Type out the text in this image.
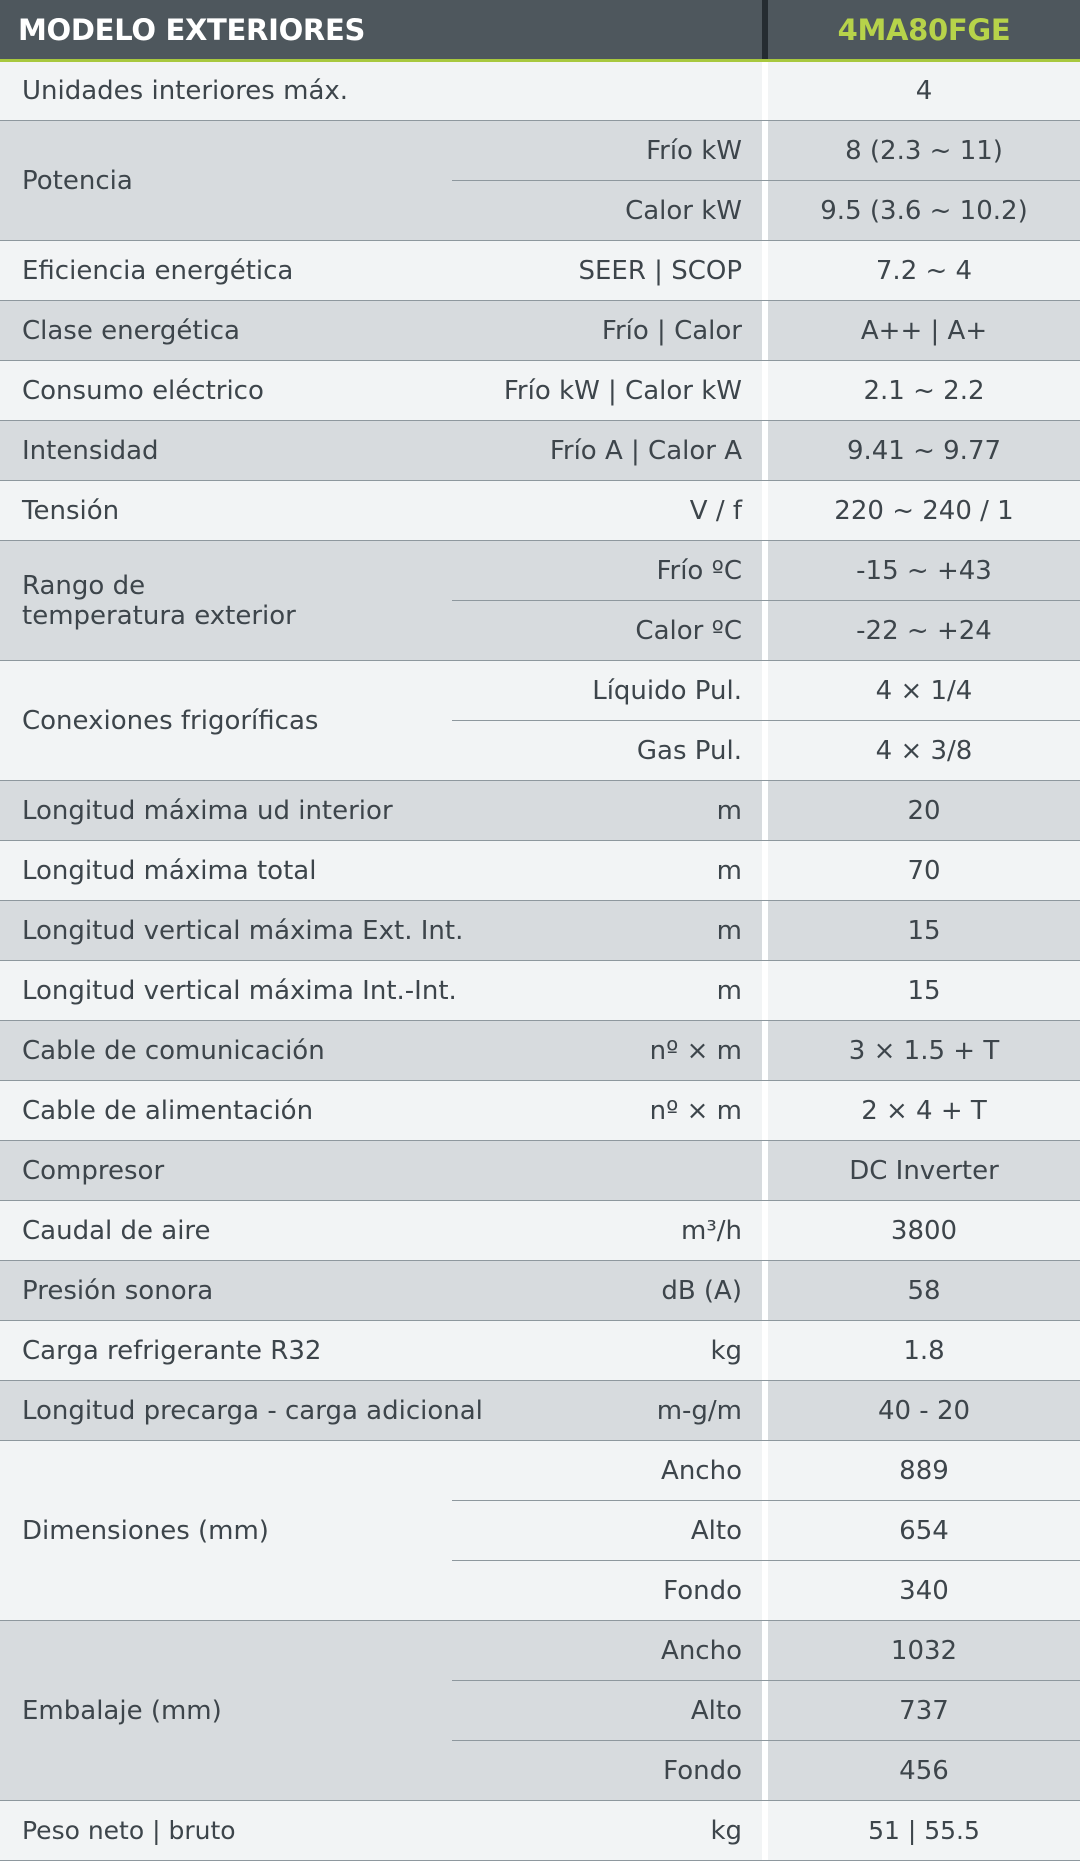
MODELO EXTERIORES			4MA80FGE
Unidades interiores máx.			4
Potencia	Frío kW		8 (2.3 ~ 11)
	Calor kW		9.5 (3.6 ~ 10.2)
Eficiencia energética	SEER | SCOP		7.2 ~ 4
Clase energética	Frío | Calor		A++ | A+
Consumo eléctrico	Frío kW | Calor kW		2.1 ~ 2.2
Intensidad	Frío A | Calor A		9.41 ~ 9.77
Tensión	V / f		220 ~ 240 / 1

Rango de
temperatura exterior	Frío ºC		-15 ~ +43
	Calor ºC		-22 ~ +24
Conexiones frigoríficas	Líquido Pul.		4 × 1/4
	Gas Pul.		4 × 3/8
Longitud máxima ud interior	m		20
Longitud máxima total	m		70
Longitud vertical máxima Ext. Int.	m		15
Longitud vertical máxima Int.-Int.	m		15
Cable de comunicación	nº × m		3 × 1.5 + T
Cable de alimentación	nº × m		2 × 4 + T
Compresor			DC Inverter
Caudal de aire	m³/h		3800
Presión sonora	dB (A)		58
Carga refrigerante R32	kg		1.8
Longitud precarga - carga adicional	m-g/m		40 - 20
Dimensiones (mm)	Ancho		889
	Alto		654
	Fondo		340
Embalaje (mm)	Ancho		1032
	Alto		737
	Fondo		456
Peso neto | bruto	kg		51 | 55.5
